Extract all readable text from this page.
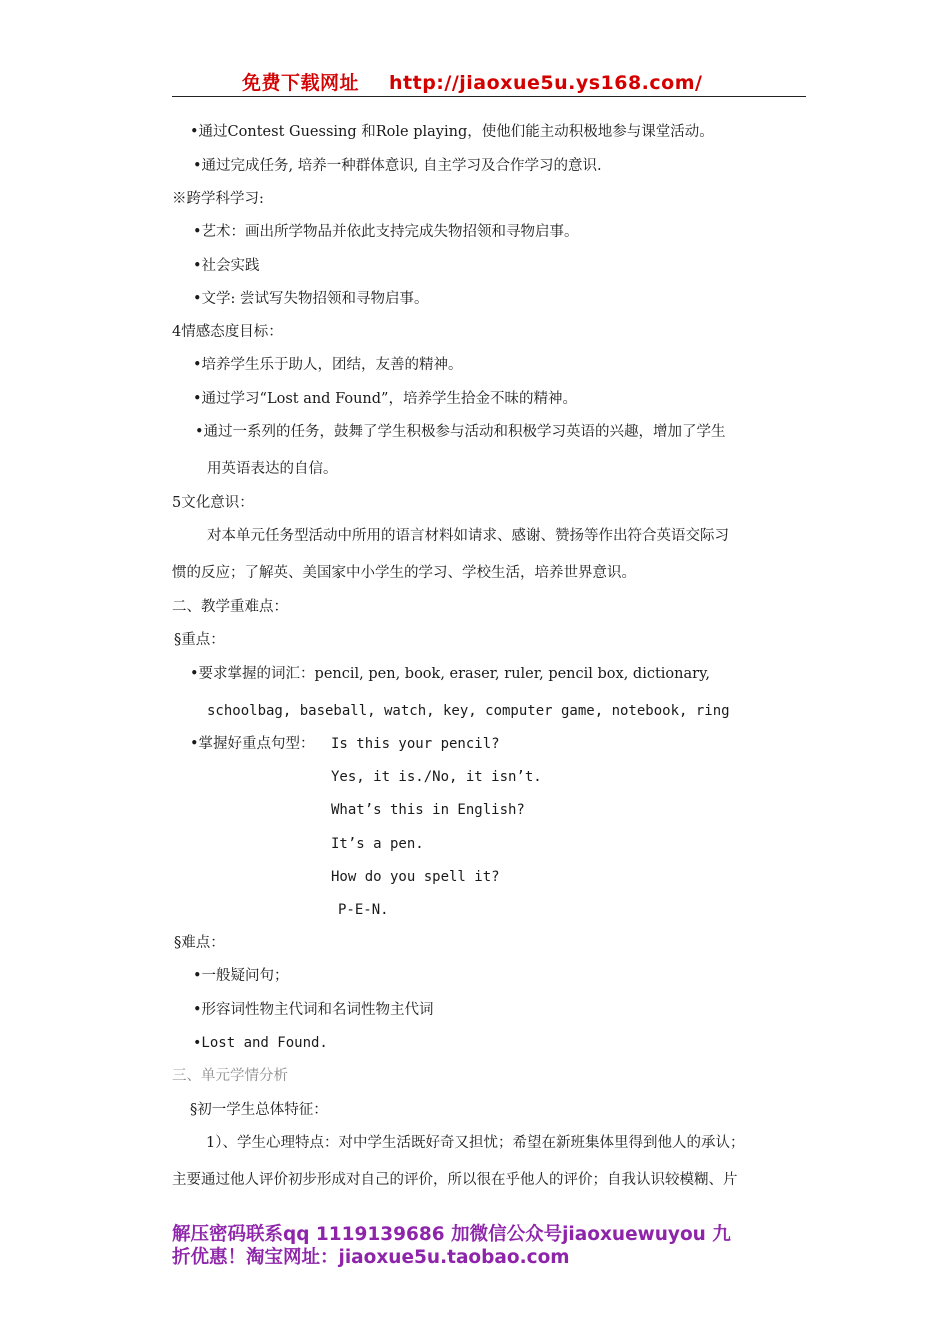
免费下载网址 http://jiaoxue5u.ys168.com/
•通过Contest Guessing 和Role playing，使他们能主动积极地参与课堂活动。
•通过完成任务, 培养一种群体意识, 自主学习及合作学习的意识.
※跨学科学习:
•艺术：画出所学物品并依此支持完成失物招领和寻物启事。
•社会实践
•文学: 尝试写失物招领和寻物启事。
4情感态度目标：
•培养学生乐于助人，团结，友善的精神。
•通过学习“Lost and Found”，培养学生拾金不昧的精神。
•通过一系列的任务，鼓舞了学生积极参与活动和积极学习英语的兴趣，增加了学生
用英语表达的自信。
5文化意识：
对本单元任务型活动中所用的语言材料如请求、感谢、赞扬等作出符合英语交际习
惯的反应；了解英、美国家中小学生的学习、学校生活，培养世界意识。
二、教学重难点：
§重点：
•要求掌握的词汇：pencil, pen, book, eraser, ruler, pencil box, dictionary,
schoolbag, baseball, watch, key, computer game, notebook, ring
•掌握好重点句型： Is this your pencil?
Yes, it is./No, it isn’t.
What’s this in English?
It’s a pen.
How do you spell it?
P-E-N.
§难点：
•一般疑问句；
•形容词性物主代词和名词性物主代词
•Lost and Found.
三、单元学情分析
§初一学生总体特征：
1）、学生心理特点：对中学生活既好奇又担忧；希望在新班集体里得到他人的承认；
主要通过他人评价初步形成对自己的评价，所以很在乎他人的评价；自我认识较模糊、片
解压密码联系qq 1119139686 加微信公众号jiaoxuewuyou 九
折优惠！淘宝网址：jiaoxue5u.taobao.com
